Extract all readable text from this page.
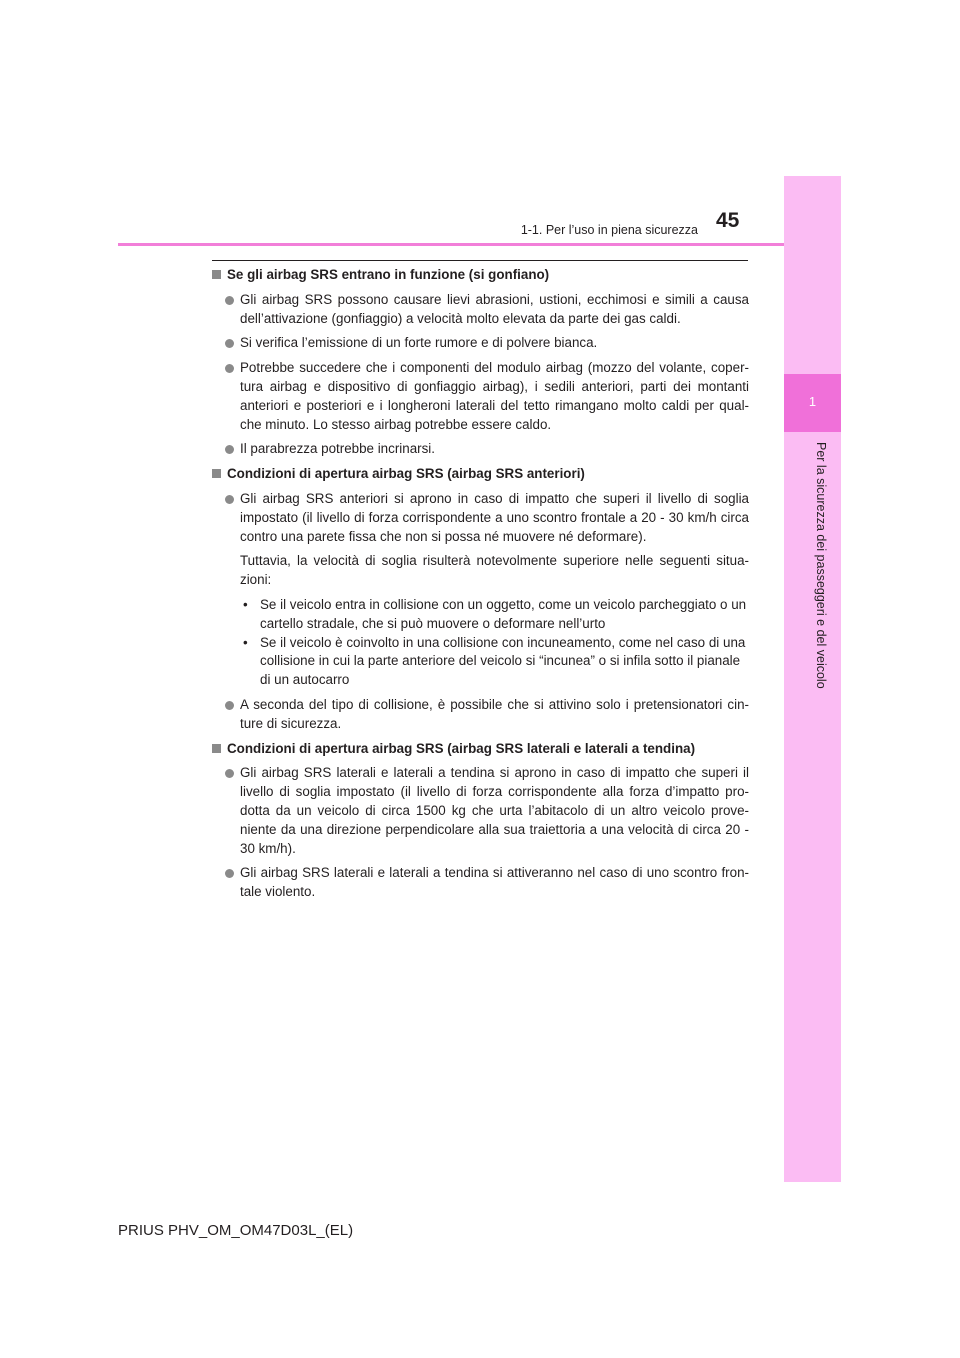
1
Per la sicurezza dei passeggeri e del veicolo
45
1-1. Per l’uso in piena sicurezza
Se gli airbag SRS entrano in funzione (si gonfiano)
Gli airbag SRS possono causare lievi abrasioni, ustioni, ecchimosi e simili a causa dell’attivazione (gonfiaggio) a velocità molto elevata da parte dei gas caldi.
Si verifica l’emissione di un forte rumore e di polvere bianca.
Potrebbe succedere che i componenti del modulo airbag (mozzo del volante, coper-tura airbag e dispositivo di gonfiaggio airbag), i sedili anteriori, parti dei montanti anteriori e posteriori e i longheroni laterali del tetto rimangano molto caldi per qual-che minuto. Lo stesso airbag potrebbe essere caldo.
Il parabrezza potrebbe incrinarsi.
Condizioni di apertura airbag SRS (airbag SRS anteriori)
Gli airbag SRS anteriori si aprono in caso di impatto che superi il livello di soglia impostato (il livello di forza corrispondente a uno scontro frontale a 20 - 30 km/h circa contro una parete fissa che non si possa né muovere né deformare).
Tuttavia, la velocità di soglia risulterà notevolmente superiore nelle seguenti situa-zioni:
• Se il veicolo entra in collisione con un oggetto, come un veicolo parcheggiato o un cartello stradale, che si può muovere o deformare nell’urto
• Se il veicolo è coinvolto in una collisione con incuneamento, come nel caso di una collisione in cui la parte anteriore del veicolo si “incunea” o si infila sotto il pianale di un autocarro
A seconda del tipo di collisione, è possibile che si attivino solo i pretensionatori cin-ture di sicurezza.
Condizioni di apertura airbag SRS (airbag SRS laterali e laterali a tendina)
Gli airbag SRS laterali e laterali a tendina si aprono in caso di impatto che superi il livello di soglia impostato (il livello di forza corrispondente alla forza d’impatto pro-dotta da un veicolo di circa 1500 kg che urta l’abitacolo di un altro veicolo prove-niente da una direzione perpendicolare alla sua traiettoria a una velocità di circa 20 - 30 km/h).
Gli airbag SRS laterali e laterali a tendina si attiveranno nel caso di uno scontro fron-tale violento.
PRIUS PHV_OM_OM47D03L_(EL)
